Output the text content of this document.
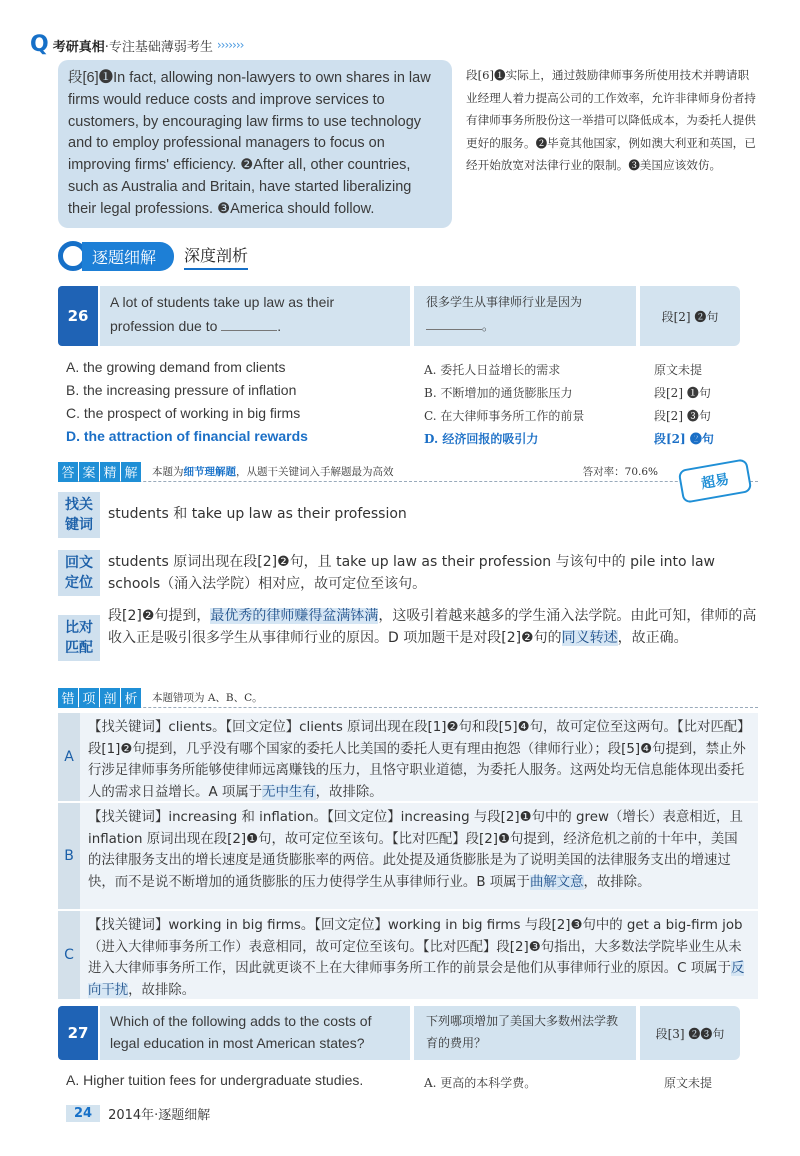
Q 考研真相 ·专注基础薄弱考生 ›››››››
段[6]❶In fact, allowing non-lawyers to own shares in law firms would reduce costs and improve services to customers, by encouraging law firms to use technology and to employ professional managers to focus on improving firms' efficiency. ❷After all, other countries, such as Australia and Britain, have started liberalizing their legal professions. ❸America should follow.
段[6]❶实际上，通过鼓励律师事务所使用技术并聘请职业经理人着力提高公司的工作效率，允许非律师身份者持有律师事务所股份这一举措可以降低成本，为委托人提供更好的服务。❷毕竟其他国家，例如澳大利亚和英国，已经开始放宽对法律行业的限制。❸美国应该效仿。
逐题细解	深度剖析
26
A lot of students take up law as their profession due to	.
很多学生从事律师行业是因为。
段[2] ❷句
A. the growing demand from clients	A. 委托人日益增长的需求	原文未提
B. the increasing pressure of inflation	B. 不断增加的通货膨胀压力	段[2] ❶句
C. the prospect of working in big firms	C. 在大律师事务所工作的前景	段[2] ❸句
D. the attraction of financial rewards	D. 经济回报的吸引力	段[2] ❷句
答 案 精 解	本题为细节理解题，从题干关键词入手解题最为高效	答对率：70.6%	超易
找关
键词
students 和 take up law as their profession
回文
定位
students 原词出现在段[2]❷句，且 take up law as their profession 与该句中的 pile into law schools（涌入法学院）相对应，故可定位至该句。
比对
匹配
段[2]❷句提到，最优秀的律师赚得盆满钵满，这吸引着越来越多的学生涌入法学院。由此可知，律师的高收入正是吸引很多学生从事律师行业的原因。D 项加题干是对段[2]❷句的同义转述，故正确。
错 项 剖 析	本题错项为 A、B、C。
A
【找关键词】clients。【回文定位】clients 原词出现在段[1]❷句和段[5]❹句，故可定位至这两句。【比对匹配】段[1]❷句提到，几乎没有哪个国家的委托人比美国的委托人更有理由抱怨（律师行业）；段[5]❹句提到，禁止外行涉足律师事务所能够使律师远离赚钱的压力，且恪守职业道德，为委托人服务。这两处均无信息能体现出委托人的需求日益增长。A 项属于无中生有，故排除。
B
【找关键词】increasing 和 inflation。【回文定位】increasing 与段[2]❶句中的 grew（增长）表意相近，且 inflation 原词出现在段[2]❶句，故可定位至该句。【比对匹配】段[2]❶句提到，经济危机之前的十年中，美国的法律服务支出的增长速度是通货膨胀率的两倍。此处提及通货膨胀是为了说明美国的法律服务支出的增速过快，而不是说不断增加的通货膨胀的压力使得学生从事律师行业。B 项属于曲解文意，故排除。
C
【找关键词】working in big firms。【回文定位】working in big firms 与段[2]❸句中的 get a big-firm job（进入大律师事务所工作）表意相同，故可定位至该句。【比对匹配】段[2]❸句指出，大多数法学院毕业生从未进入大律师事务所工作，因此就更谈不上在大律师事务所工作的前景会是他们从事律师行业的原因。C 项属于反向干扰，故排除。
27
Which of the following adds to the costs of legal education in most American states?
下列哪项增加了美国大多数州法学教育的费用？
段[3] ❷❸句
A. Higher tuition fees for undergraduate studies.	A. 更高的本科学费。	原文未提
24	2014年·逐题细解
